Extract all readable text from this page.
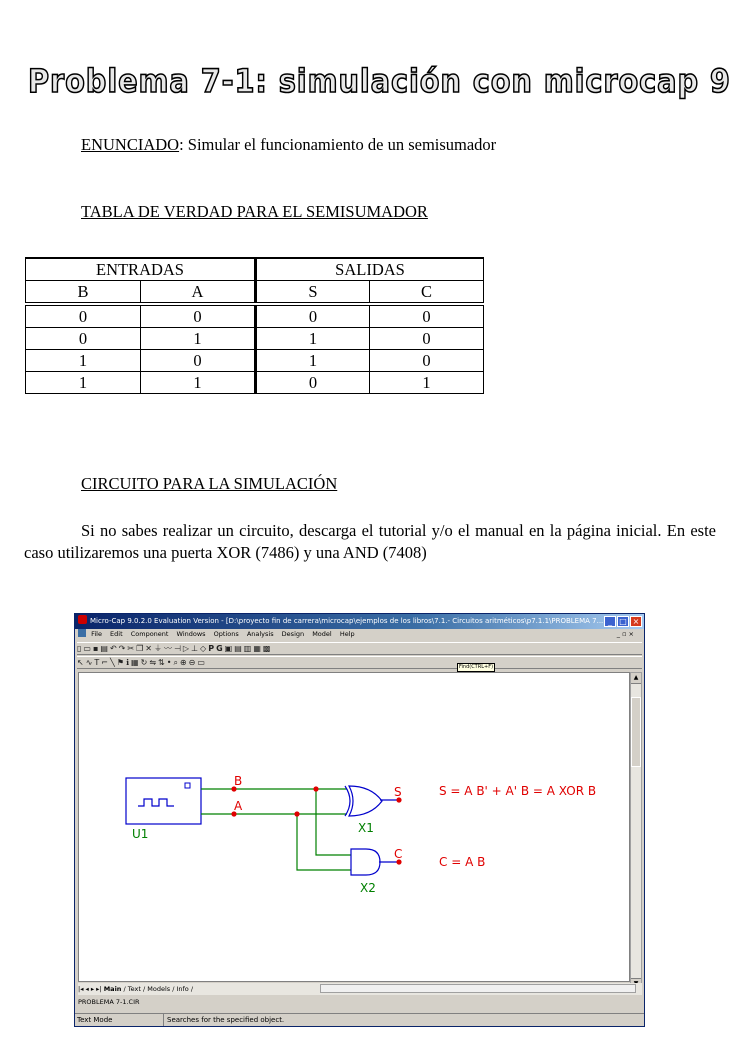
Problema 7-1: simulación con microcap 9
ENUNCIADO: Simular el funcionamiento de un semisumador
TABLA DE VERDAD PARA EL SEMISUMADOR
ENTRADAS		SALIDAS	
B	A	S	C
0	0	0	0
0	1	1	0
1	0	1	0
1	1	0	1
CIRCUITO PARA LA SIMULACIÓN
Si no sabes realizar un circuito, descarga el tutorial y/o el manual en la página inicial. En este caso utilizaremos una puerta XOR (7486) y una AND (7408)
Micro-Cap 9.0.2.0 Evaluation Version - [D:\proyecto fin de carrera\microcap\ejemplos de los libros\7.1.- Circuitos aritméticos\p7.1.1\PROBLEMA 7... _ □ ×
File Edit Component Windows Options Analysis Design Model Help	_ ▫ ×
▯▭▪▤↶↷✂❐✕⏚〰⊣▷⊥◇PG▣▤▥▦▩
↖∿T⌐╲⚑ℹ▦↻⇋⇅•⌕⊕⊖▭	Find(CTRL+F)
B
A
S
C
U1	X1
X2
S = A B' + A' B = A XOR B
C = A B
▲
|◂ ◂ ▸ ▸| Main / Text / Models / Info /
PROBLEMA 7-1.CIR
Text Mode	Searches for the specified object.
